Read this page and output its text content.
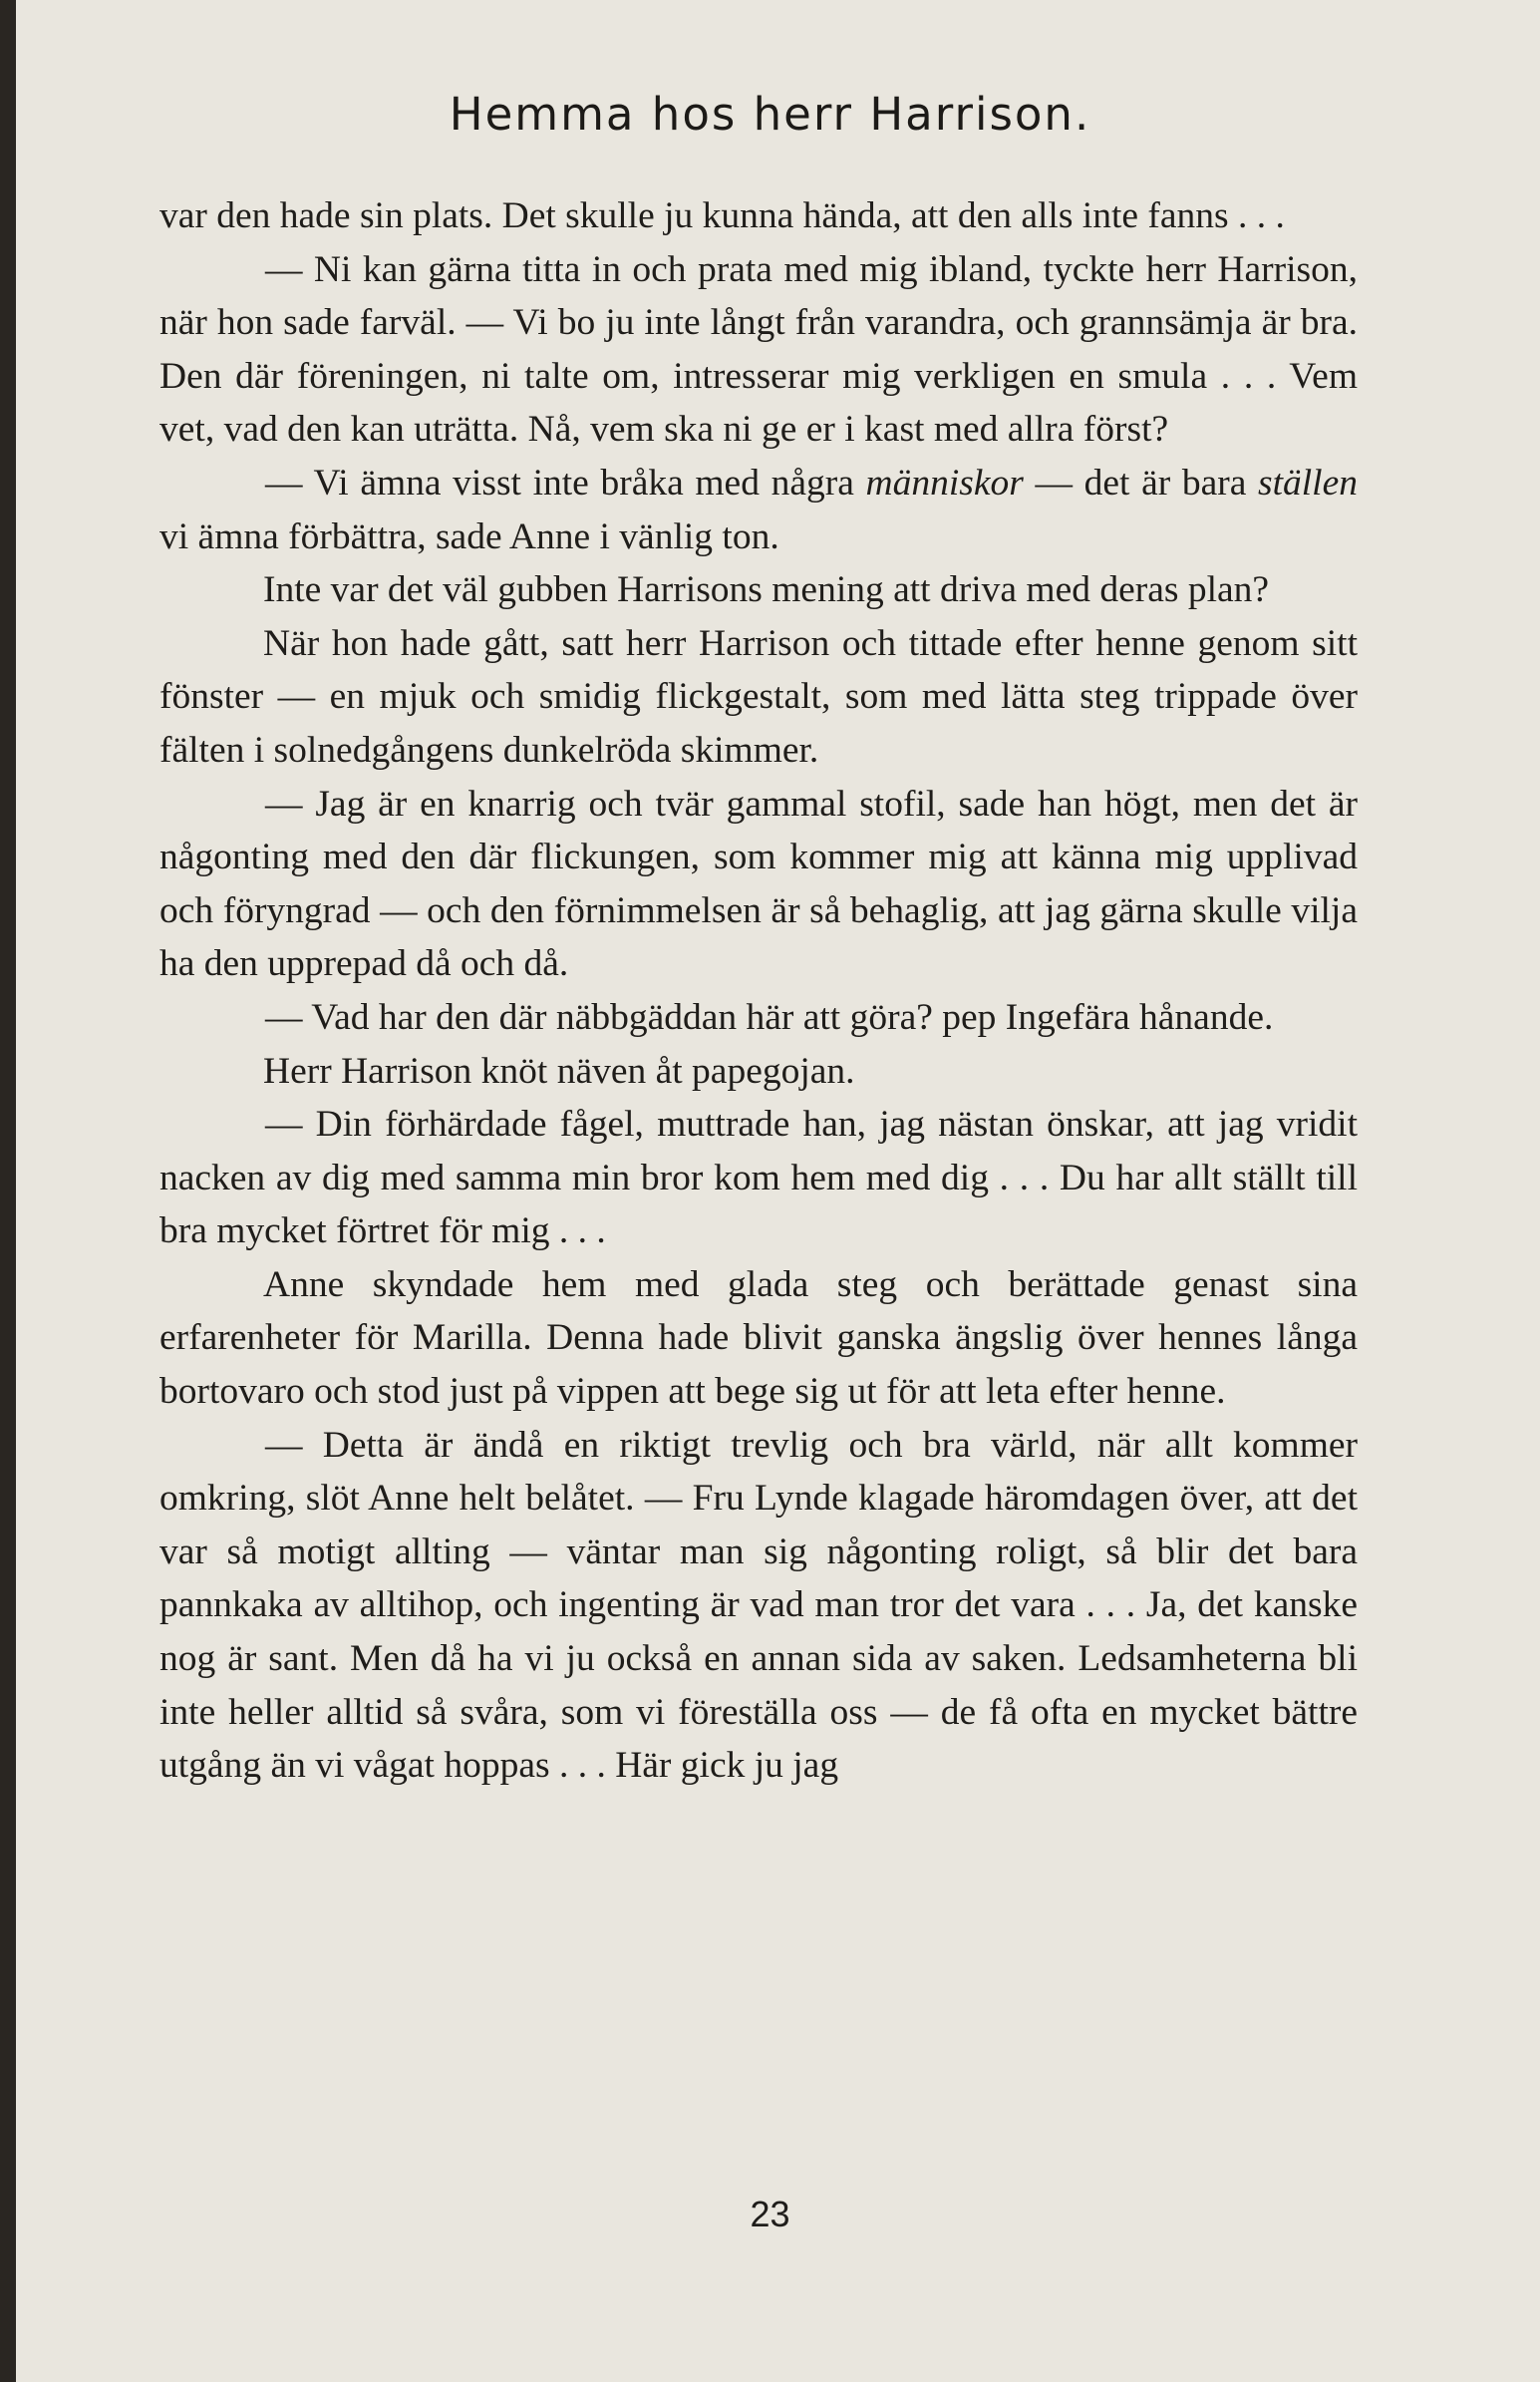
Hemma hos herr Harrison.

var den hade sin plats. Det skulle ju kunna hända, att den alls inte fanns . . .

— Ni kan gärna titta in och prata med mig ibland, tyckte herr Harrison, när hon sade farväl. — Vi bo ju inte långt från varandra, och grannsämja är bra. Den där föreningen, ni talte om, intresserar mig verkligen en smula . . . Vem vet, vad den kan uträtta. Nå, vem ska ni ge er i kast med allra först?

— Vi ämna visst inte bråka med några människor — det är bara ställen vi ämna förbättra, sade Anne i vänlig ton.

Inte var det väl gubben Harrisons mening att driva med deras plan?

När hon hade gått, satt herr Harrison och tittade efter henne genom sitt fönster — en mjuk och smidig flickgestalt, som med lätta steg trippade över fälten i solnedgångens dunkelröda skimmer.

— Jag är en knarrig och tvär gammal stofil, sade han högt, men det är någonting med den där flickungen, som kommer mig att känna mig upplivad och föryngrad — och den förnimmelsen är så behaglig, att jag gärna skulle vilja ha den upprepad då och då.

— Vad har den där näbbgäddan här att göra? pep Ingefära hånande.

Herr Harrison knöt näven åt papegojan.

— Din förhärdade fågel, muttrade han, jag nästan önskar, att jag vridit nacken av dig med samma min bror kom hem med dig . . . Du har allt ställt till bra mycket förtret för mig . . .

Anne skyndade hem med glada steg och berättade genast sina erfarenheter för Marilla. Denna hade blivit ganska ängslig över hennes långa bortovaro och stod just på vippen att bege sig ut för att leta efter henne.

— Detta är ändå en riktigt trevlig och bra värld, när allt kommer omkring, slöt Anne helt belåtet. — Fru Lynde klagade häromdagen över, att det var så motigt allting — väntar man sig någonting roligt, så blir det bara pannkaka av alltihop, och ingenting är vad man tror det vara . . . Ja, det kanske nog är sant. Men då ha vi ju också en annan sida av saken. Ledsamheterna bli inte heller alltid så svåra, som vi föreställa oss — de få ofta en mycket bättre utgång än vi vågat hoppas . . . Här gick ju jag

23
